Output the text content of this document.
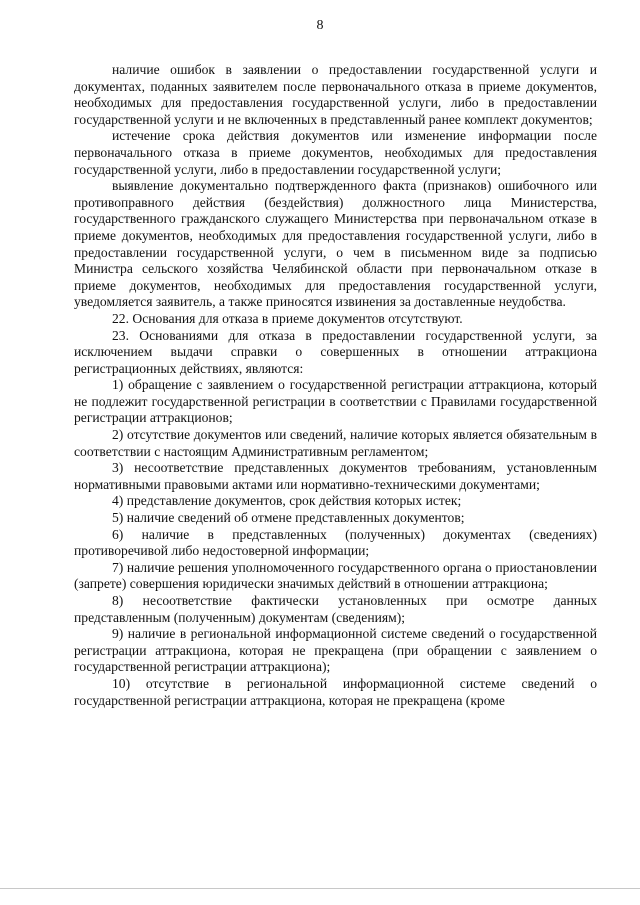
8

наличие ошибок в заявлении о предоставлении государственной услуги и документах, поданных заявителем после первоначального отказа в приеме документов, необходимых для предоставления государственной услуги, либо в предоставлении государственной услуги и не включенных в представленный ранее комплект документов;

истечение срока действия документов или изменение информации после первоначального отказа в приеме документов, необходимых для предоставления государственной услуги, либо в предоставлении государственной услуги;

выявление документально подтвержденного факта (признаков) ошибочного или противоправного действия (бездействия) должностного лица Министерства, государственного гражданского служащего Министерства при первоначальном отказе в приеме документов, необходимых для предоставления государственной услуги, либо в предоставлении государственной услуги, о чем в письменном виде за подписью Министра сельского хозяйства Челябинской области при первоначальном отказе в приеме документов, необходимых для предоставления государственной услуги, уведомляется заявитель, а также приносятся извинения за доставленные неудобства.

22. Основания для отказа в приеме документов отсутствуют.

23. Основаниями для отказа в предоставлении государственной услуги, за исключением выдачи справки о совершенных в отношении аттракциона регистрационных действиях, являются:

1) обращение с заявлением о государственной регистрации аттракциона, который не подлежит государственной регистрации в соответствии с Правилами государственной регистрации аттракционов;

2) отсутствие документов или сведений, наличие которых является обязательным в соответствии с настоящим Административным регламентом;

3) несоответствие представленных документов требованиям, установленным нормативными правовыми актами или нормативно-техническими документами;

4) представление документов, срок действия которых истек;

5) наличие сведений об отмене представленных документов;

6) наличие в представленных (полученных) документах (сведениях) противоречивой либо недостоверной информации;

7) наличие решения уполномоченного государственного органа о приостановлении (запрете) совершения юридически значимых действий в отношении аттракциона;

8) несоответствие фактически установленных при осмотре данных представленным (полученным) документам (сведениям);

9) наличие в региональной информационной системе сведений о государственной регистрации аттракциона, которая не прекращена (при обращении с заявлением о государственной регистрации аттракциона);

10) отсутствие в региональной информационной системе сведений о государственной регистрации аттракциона, которая не прекращена (кроме
